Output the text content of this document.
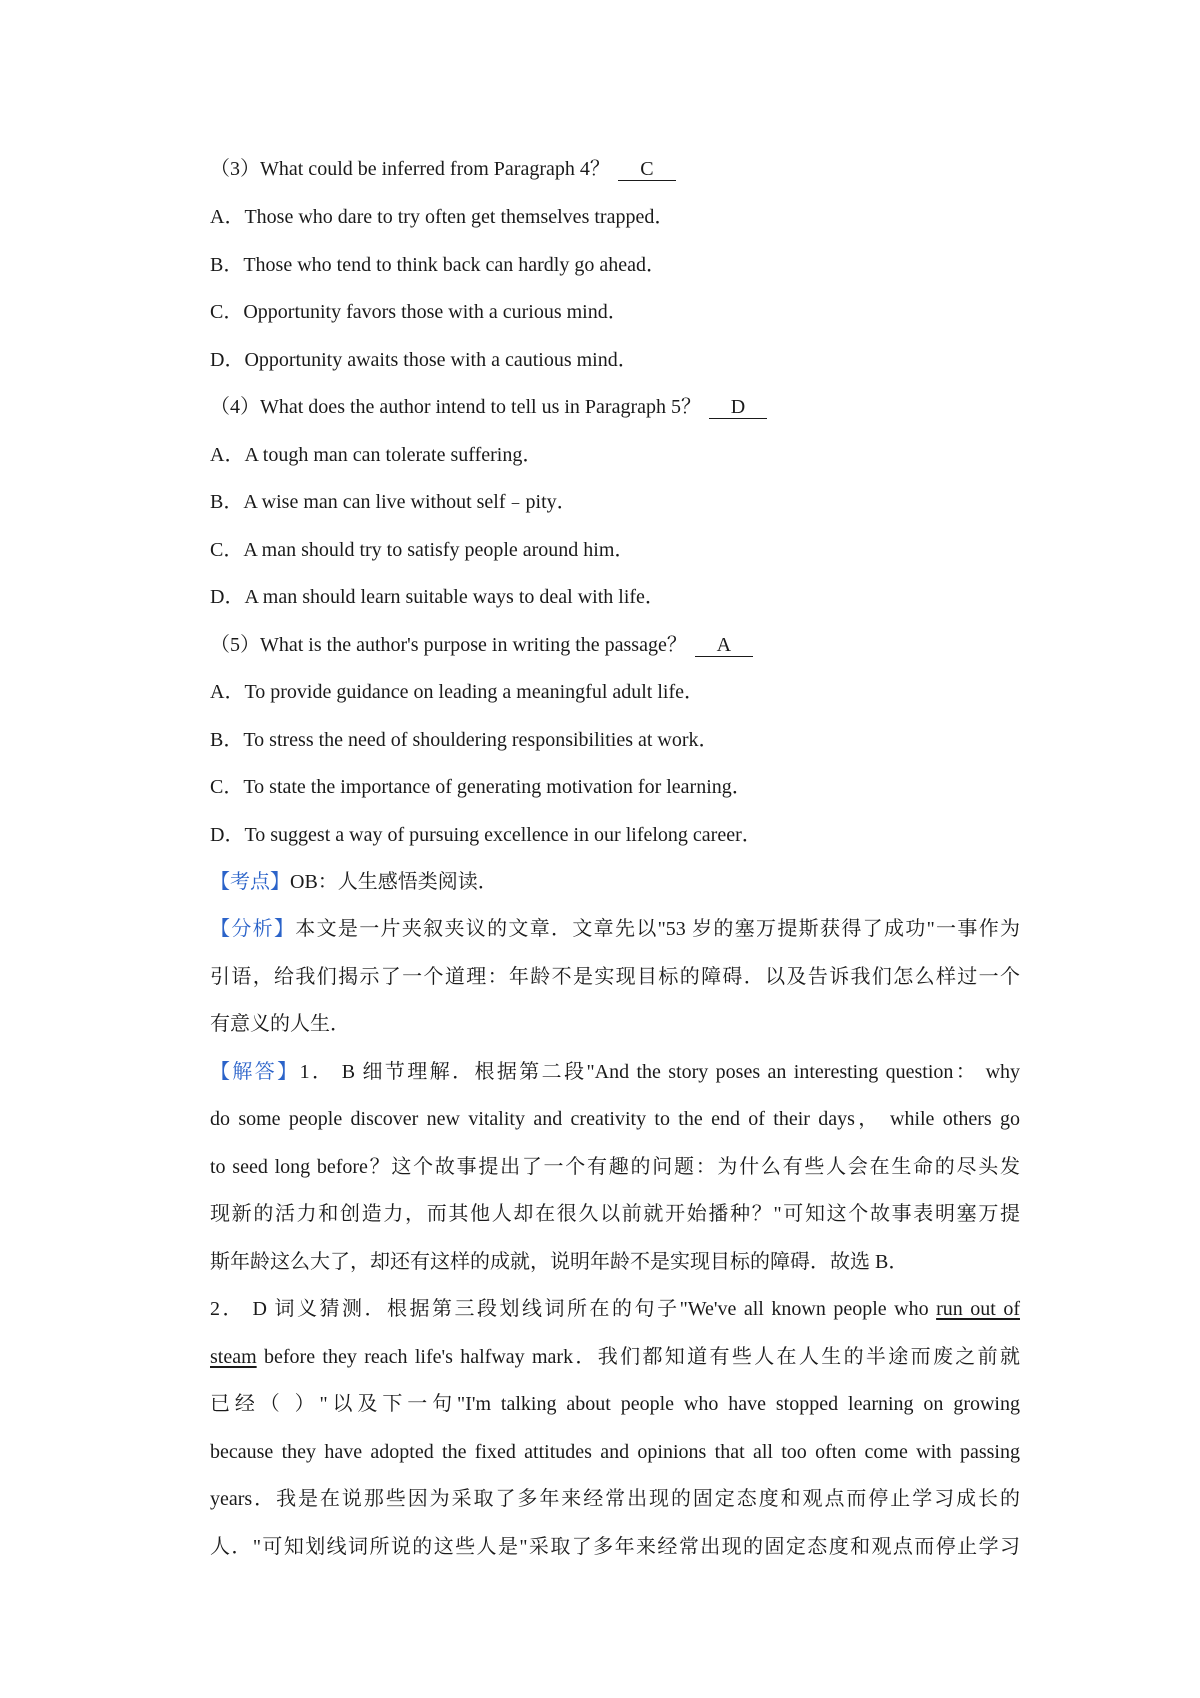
（3）What could be inferred from Paragraph 4？ C
A．Those who dare to try often get themselves trapped．
B．Those who tend to think back can hardly go ahead．
C．Opportunity favors those with a curious mind．
D．Opportunity awaits those with a cautious mind．
（4）What does the author intend to tell us in Paragraph 5？ D
A．A tough man can tolerate suffering．
B．A wise man can live without self﹣pity．
C．A man should try to satisfy people around him．
D．A man should learn suitable ways to deal with life．
（5）What is the author's purpose in writing the passage？ A
A．To provide guidance on leading a meaningful adult life．
B．To stress the need of shouldering responsibilities at work．
C．To state the importance of generating motivation for learning．
D．To suggest a way of pursuing excellence in our lifelong career．
【考点】OB：人生感悟类阅读．
【分析】本文是一片夹叙夹议的文章．文章先以"53 岁的塞万提斯获得了成功"一事作为
引语，给我们揭示了一个道理：年龄不是实现目标的障碍．以及告诉我们怎么样过一个
有意义的人生．
【解答】1． B 细节理解．根据第二段"And the story poses an interesting question： why
do some people discover new vitality and creativity to the end of their days， while others go
to seed long before？这个故事提出了一个有趣的问题：为什么有些人会在生命的尽头发
现新的活力和创造力，而其他人却在很久以前就开始播种？"可知这个故事表明塞万提
斯年龄这么大了，却还有这样的成就，说明年龄不是实现目标的障碍．故选 B．
2． D 词义猜测．根据第三段划线词所在的句子"We've all known people who run out of
steam before they reach life's halfway mark．我们都知道有些人在人生的半途而废之前就
已经（ ）"以及下一句"I'm talking about people who have stopped learning on growing
because they have adopted the fixed attitudes and opinions that all too often come with passing
years．我是在说那些因为采取了多年来经常出现的固定态度和观点而停止学习成长的
人．"可知划线词所说的这些人是"采取了多年来经常出现的固定态度和观点而停止学习
